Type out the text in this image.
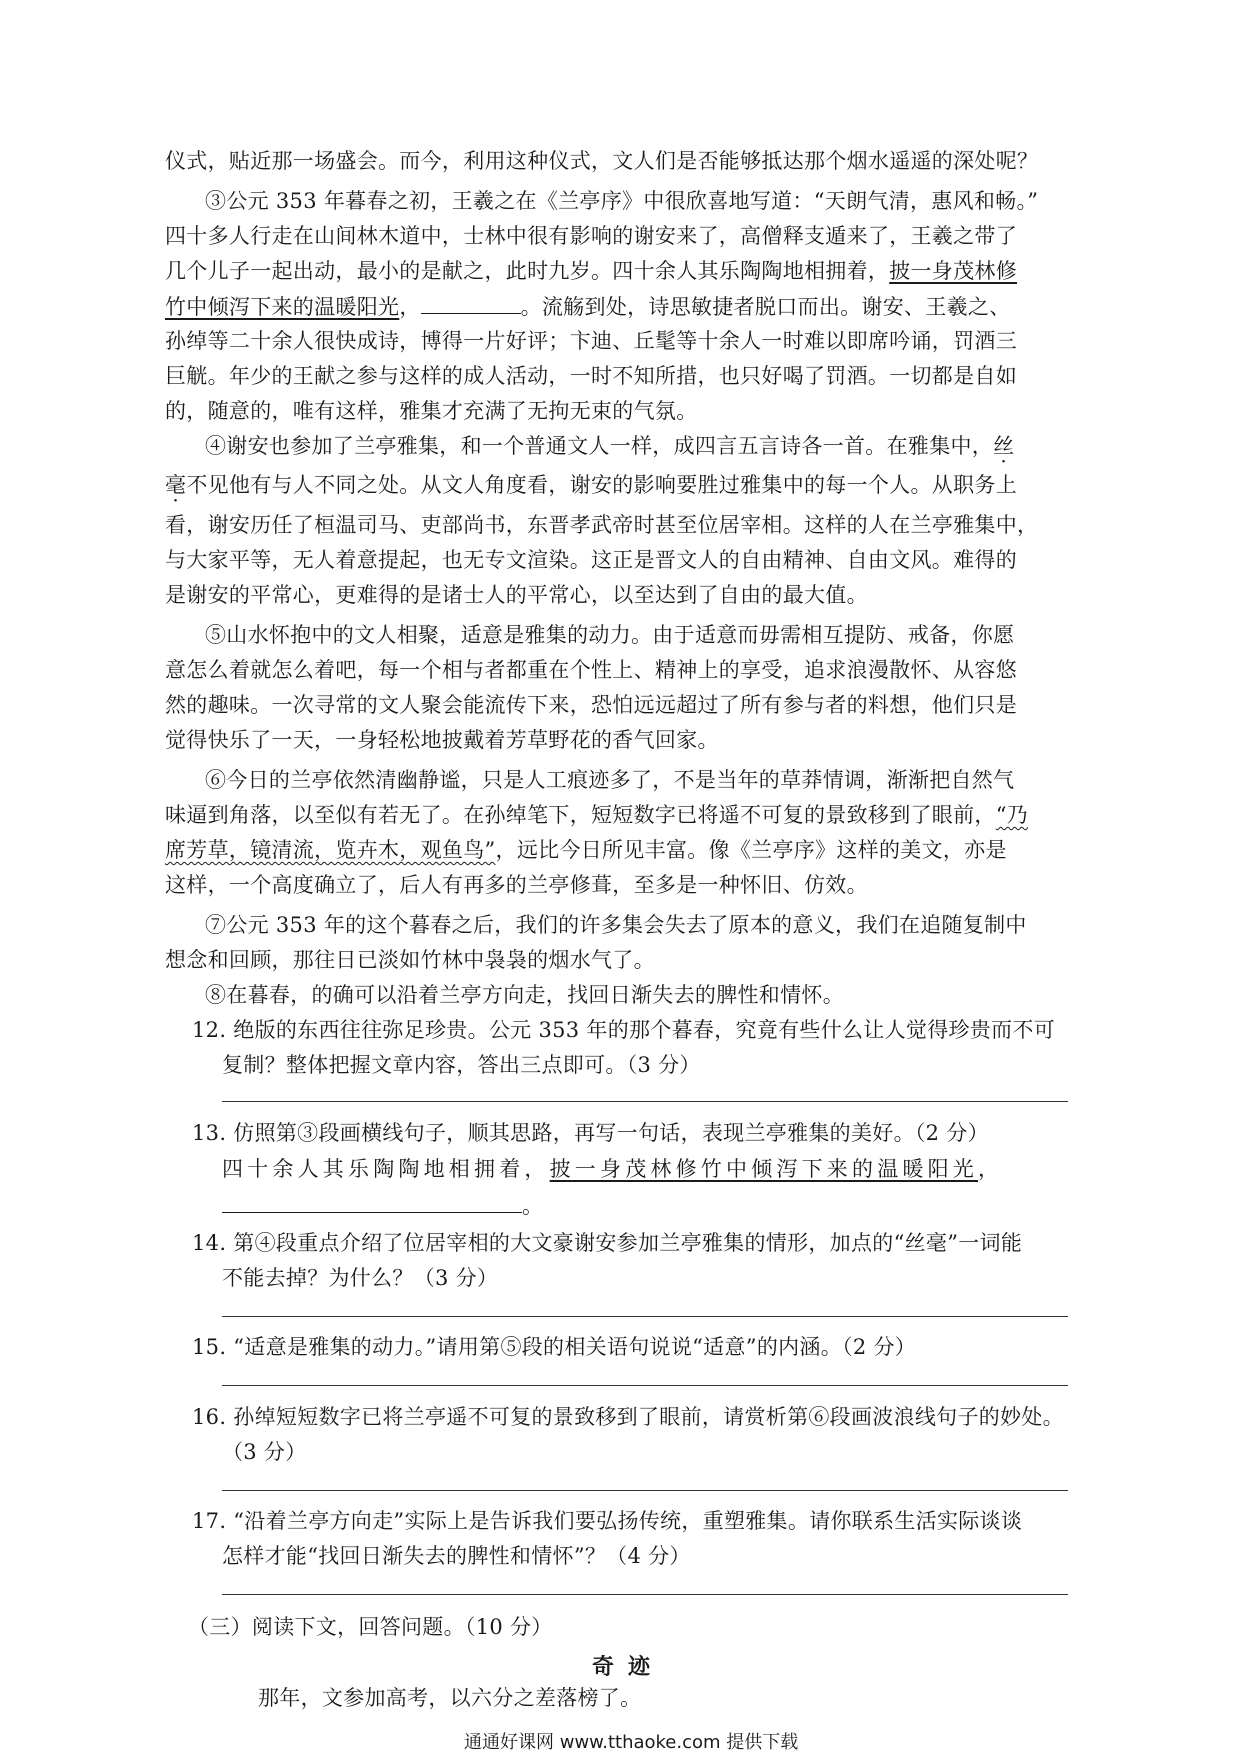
仪式，贴近那一场盛会。而今，利用这种仪式，文人们是否能够抵达那个烟水遥遥的深处呢？
③公元 353 年暮春之初，王羲之在《兰亭序》中很欣喜地写道：“天朗气清，惠风和畅。”
四十多人行走在山间林木道中，士林中很有影响的谢安来了，高僧释支遁来了，王羲之带了
几个儿子一起出动，最小的是献之，此时九岁。四十余人其乐陶陶地相拥着，披一身茂林修
竹中倾泻下来的温暖阳光，	。流觞到处，诗思敏捷者脱口而出。谢安、王羲之、
孙绰等二十余人很快成诗，博得一片好评；卞迪、丘髦等十余人一时难以即席吟诵，罚酒三
巨觥。年少的王献之参与这样的成人活动，一时不知所措，也只好喝了罚酒。一切都是自如
的，随意的，唯有这样，雅集才充满了无拘无束的气氛。
④谢安也参加了兰亭雅集，和一个普通文人一样，成四言五言诗各一首。在雅集中，丝
毫不见他有与人不同之处。从文人角度看，谢安的影响要胜过雅集中的每一个人。从职务上
看，谢安历任了桓温司马、吏部尚书，东晋孝武帝时甚至位居宰相。这样的人在兰亭雅集中，
与大家平等，无人着意提起，也无专文渲染。这正是晋文人的自由精神、自由文风。难得的
是谢安的平常心，更难得的是诸士人的平常心，以至达到了自由的最大值。
⑤山水怀抱中的文人相聚，适意是雅集的动力。由于适意而毋需相互提防、戒备，你愿
意怎么着就怎么着吧，每一个相与者都重在个性上、精神上的享受，追求浪漫散怀、从容悠
然的趣味。一次寻常的文人聚会能流传下来，恐怕远远超过了所有参与者的料想，他们只是
觉得快乐了一天，一身轻松地披戴着芳草野花的香气回家。
⑥今日的兰亭依然清幽静谧，只是人工痕迹多了，不是当年的草莽情调，渐渐把自然气
味逼到角落，以至似有若无了。在孙绰笔下，短短数字已将遥不可复的景致移到了眼前，“乃
席芳草，镜清流，览卉木，观鱼鸟”，远比今日所见丰富。像《兰亭序》这样的美文，亦是
这样，一个高度确立了，后人有再多的兰亭修葺，至多是一种怀旧、仿效。
⑦公元 353 年的这个暮春之后，我们的许多集会失去了原本的意义，我们在追随复制中
想念和回顾，那往日已淡如竹林中袅袅的烟水气了。
⑧在暮春，的确可以沿着兰亭方向走，找回日渐失去的脾性和情怀。
12. 绝版的东西往往弥足珍贵。公元 353 年的那个暮春，究竟有些什么让人觉得珍贵而不可
复制？整体把握文章内容，答出三点即可。（3 分）
13. 仿照第③段画横线句子，顺其思路，再写一句话，表现兰亭雅集的美好。（2 分）
四十余人其乐陶陶地相拥着，披一身茂林修竹中倾泻下来的温暖阳光，
。
14. 第④段重点介绍了位居宰相的大文豪谢安参加兰亭雅集的情形，加点的“丝毫”一词能
不能去掉？为什么？（3 分）
15. “适意是雅集的动力。”请用第⑤段的相关语句说说“适意”的内涵。（2 分）
16. 孙绰短短数字已将兰亭遥不可复的景致移到了眼前，请赏析第⑥段画波浪线句子的妙处。
（3 分）
17. “沿着兰亭方向走”实际上是告诉我们要弘扬传统，重塑雅集。请你联系生活实际谈谈
怎样才能“找回日渐失去的脾性和情怀”？（4 分）
（三）阅读下文，回答问题。（10 分）
奇迹
那年，文参加高考，以六分之差落榜了。
通通好课网 www.tthaoke.com 提供下载
